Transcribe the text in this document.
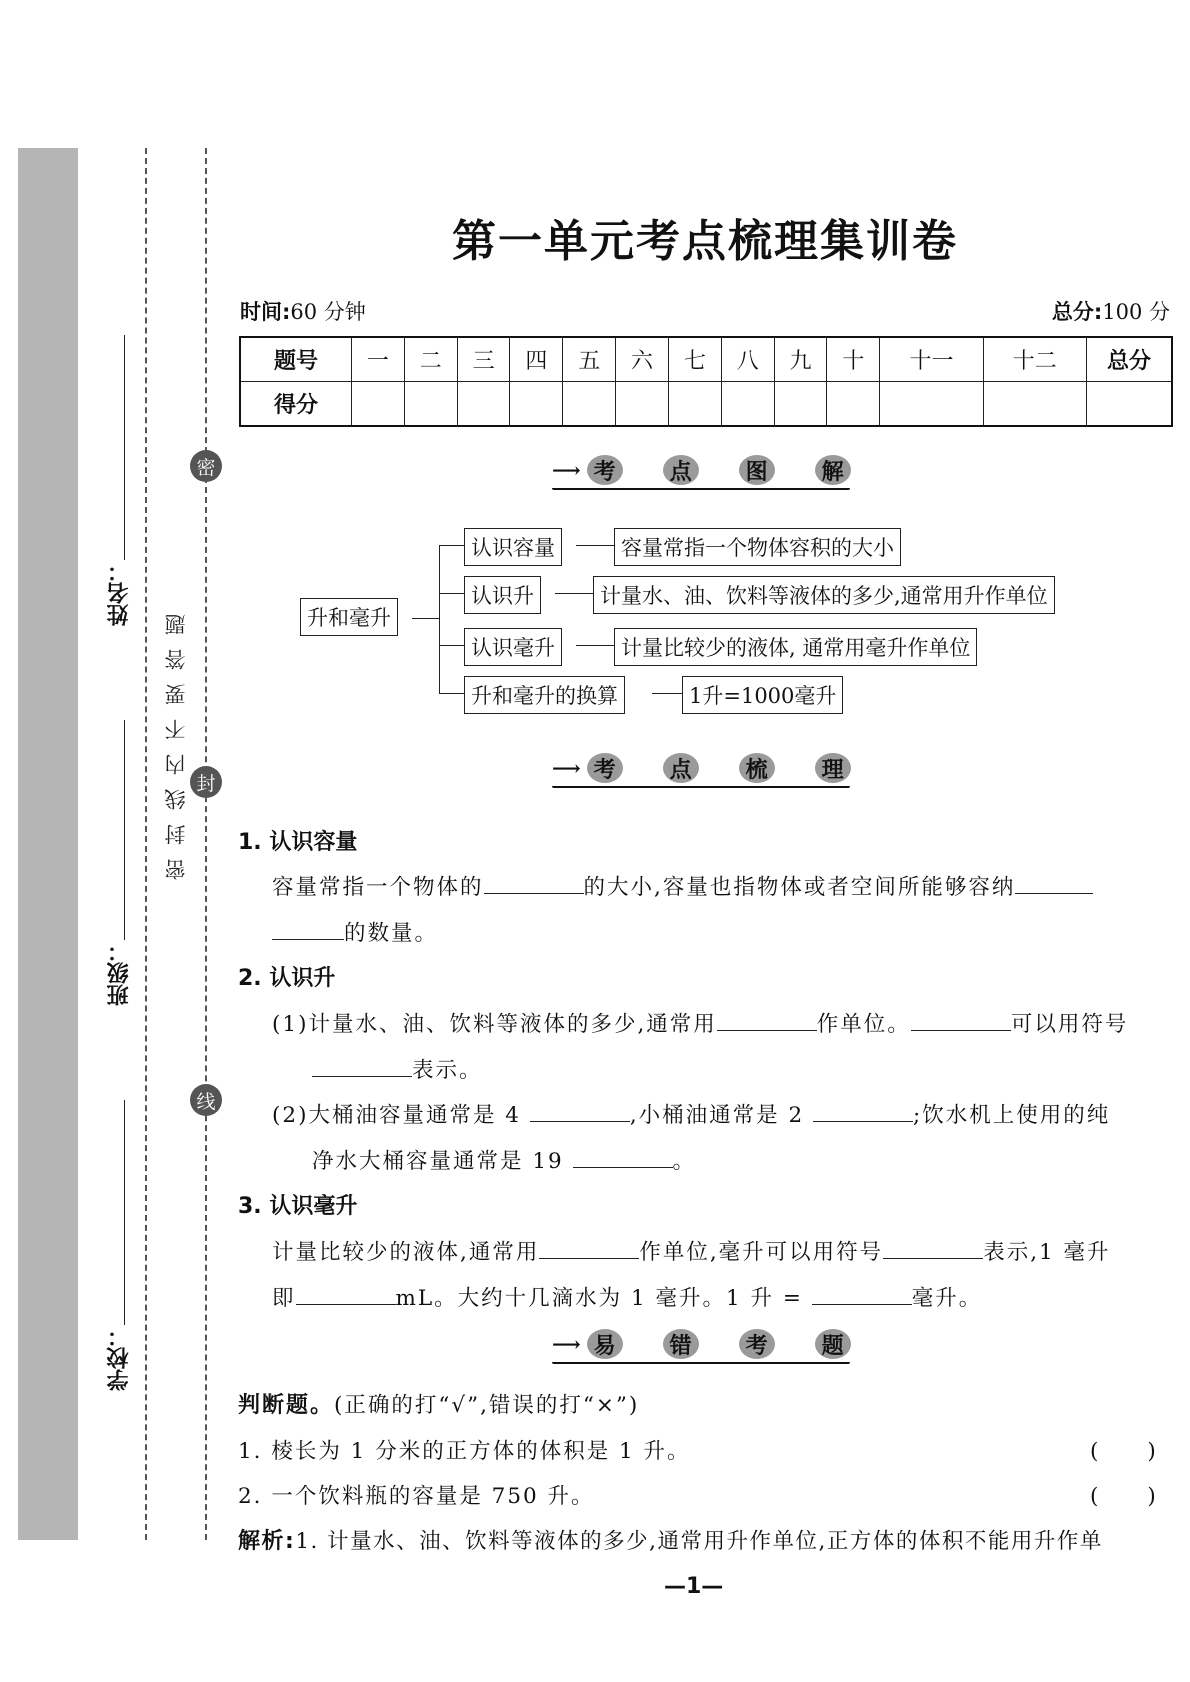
姓名：
班级：
学校：
密
封
线
密封线内不要答题
第一单元考点梳理集训卷
时间:60 分钟	总分:100 分
题号	一	二	三	四	五	六	七	八	九	十	十一	十二	总分
得分													
⟶ 考	点	图	解
升和毫升
认识容量	容量常指一个物体容积的大小
认识升	计量水、油、饮料等液体的多少,通常用升作单位
认识毫升	计量比较少的液体, 通常用毫升作单位
升和毫升的换算	1升=1000毫升
⟶ 考	点	梳	理
1. 认识容量
容量常指一个物体的	的大小,容量也指物体或者空间所能够容纳
的数量。
2. 认识升
(1)计量水、油、饮料等液体的多少,通常用	作单位。	可以用符号
表示。
(2)大桶油容量通常是 4	,小桶油通常是 2	;饮水机上使用的纯
净水大桶容量通常是 19	。
3. 认识毫升
计量比较少的液体,通常用	作单位,毫升可以用符号	表示,1 毫升
即	mL。大约十几滴水为 1 毫升。1 升 =	毫升。
⟶ 易	错	考	题
判断题。(正确的打“√”,错误的打“×”)
1. 棱长为 1 分米的正方体的体积是 1 升。	(　　)
2. 一个饮料瓶的容量是 750 升。	(　　)
解析:1. 计量水、油、饮料等液体的多少,通常用升作单位,正方体的体积不能用升作单
—1—
